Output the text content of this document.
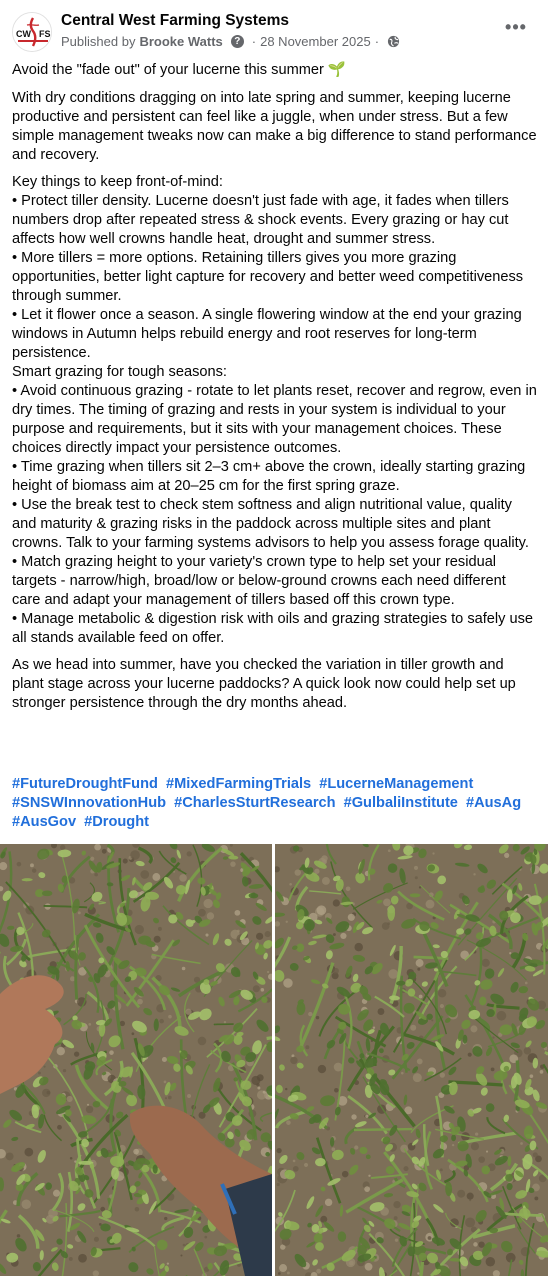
CW FS
Central West Farming Systems
Published by Brooke Watts	? · 28 November 2025 ·
•••

Avoid the "fade out" of your lucerne this summer 🌱

With dry conditions dragging on into late spring and summer, keeping lucerne productive and persistent can feel like a juggle, when under stress. But a few simple management tweaks now can make a big difference to stand performance and recovery.

Key things to keep front-of-mind:

• Protect tiller density. Lucerne doesn't just fade with age, it fades when tillers numbers drop after repeated stress & shock events. Every grazing or hay cut affects how well crowns handle heat, drought and summer stress.

• More tillers = more options. Retaining tillers gives you more grazing opportunities, better light capture for recovery and better weed competitiveness through summer.

• Let it flower once a season. A single flowering window at the end your grazing windows in Autumn helps rebuild energy and root reserves for long-term persistence.

Smart grazing for tough seasons:

• Avoid continuous grazing - rotate to let plants reset, recover and regrow, even in dry times. The timing of grazing and rests in your system is individual to your purpose and requirements, but it sits with your management choices. These choices directly impact your persistence outcomes.

• Time grazing when tillers sit 2–3 cm+ above the crown, ideally starting grazing height of biomass aim at 20–25 cm for the first spring graze.

• Use the break test to check stem softness and align nutritional value, quality and maturity & grazing risks in the paddock across multiple sites and plant crowns. Talk to your farming systems advisors to help you assess forage quality.

• Match grazing height to your variety's crown type to help set your residual targets - narrow/high, broad/low or below-ground crowns each need different care and adapt your management of tillers based off this crown type.

• Manage metabolic & digestion risk with oils and grazing strategies to safely use all stands available feed on offer.

As we head into summer, have you checked the variation in tiller growth and plant stage across your lucerne paddocks? A quick look now could help set up stronger persistence through the dry months ahead.

#FutureDroughtFund #MixedFarmingTrials #LucerneManagement #SNSWInnovationHub #CharlesSturtResearch #GulbaliInstitute #AusAg #AusGov #Drought
